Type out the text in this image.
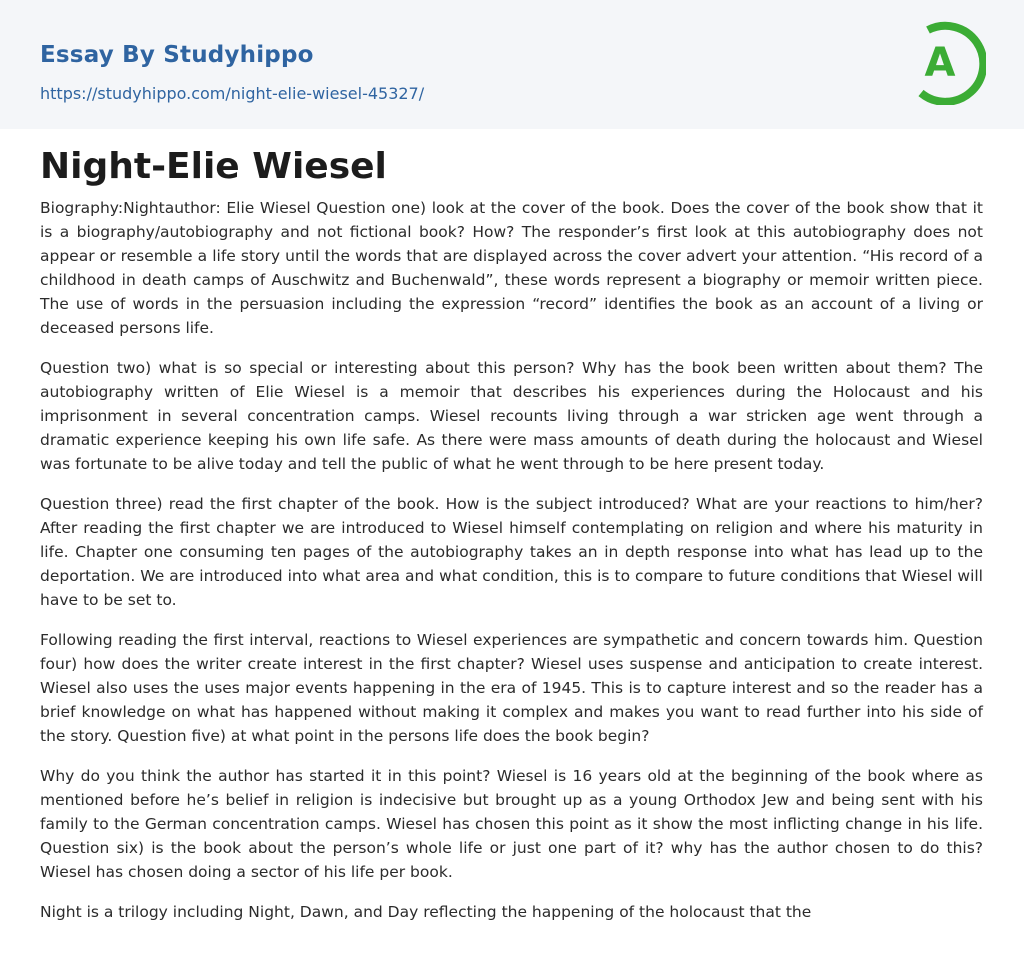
Essay By Studyhippo
https://studyhippo.com/night-elie-wiesel-45327/
A
Night-Elie Wiesel

Biography:Nightauthor: Elie Wiesel Question one) look at the cover of the book. Does the cover of the book show that it is a biography/autobiography and not fictional book? How? The responder’s first look at this autobiography does not appear or resemble a life story until the words that are displayed across the cover advert your attention. “His record of a childhood in death camps of Auschwitz and Buchenwald”, these words represent a biography or memoir written piece. The use of words in the persuasion including the expression “record” identifies the book as an account of a living or deceased persons life.

Question two) what is so special or interesting about this person? Why has the book been written about them? The autobiography written of Elie Wiesel is a memoir that describes his experiences during the Holocaust and his imprisonment in several concentration camps. Wiesel recounts living through a war stricken age went through a dramatic experience keeping his own life safe. As there were mass amounts of death during the holocaust and Wiesel was fortunate to be alive today and tell the public of what he went through to be here present today.

Question three) read the first chapter of the book. How is the subject introduced? What are your reactions to him/her? After reading the first chapter we are introduced to Wiesel himself contemplating on religion and where his maturity in life. Chapter one consuming ten pages of the autobiography takes an in depth response into what has lead up to the deportation. We are introduced into what area and what condition, this is to compare to future conditions that Wiesel will have to be set to.

Following reading the first interval, reactions to Wiesel experiences are sympathetic and concern towards him. Question four) how does the writer create interest in the first chapter? Wiesel uses suspense and anticipation to create interest. Wiesel also uses the uses major events happening in the era of 1945. This is to capture interest and so the reader has a brief knowledge on what has happened without making it complex and makes you want to read further into his side of the story. Question five) at what point in the persons life does the book begin?

Why do you think the author has started it in this point? Wiesel is 16 years old at the beginning of the book where as mentioned before he’s belief in religion is indecisive but brought up as a young Orthodox Jew and being sent with his family to the German concentration camps. Wiesel has chosen this point as it show the most inflicting change in his life. Question six) is the book about the person’s whole life or just one part of it? why has the author chosen to do this? Wiesel has chosen doing a sector of his life per book.

Night is a trilogy including Night, Dawn, and Day reflecting the happening of the holocaust that the
